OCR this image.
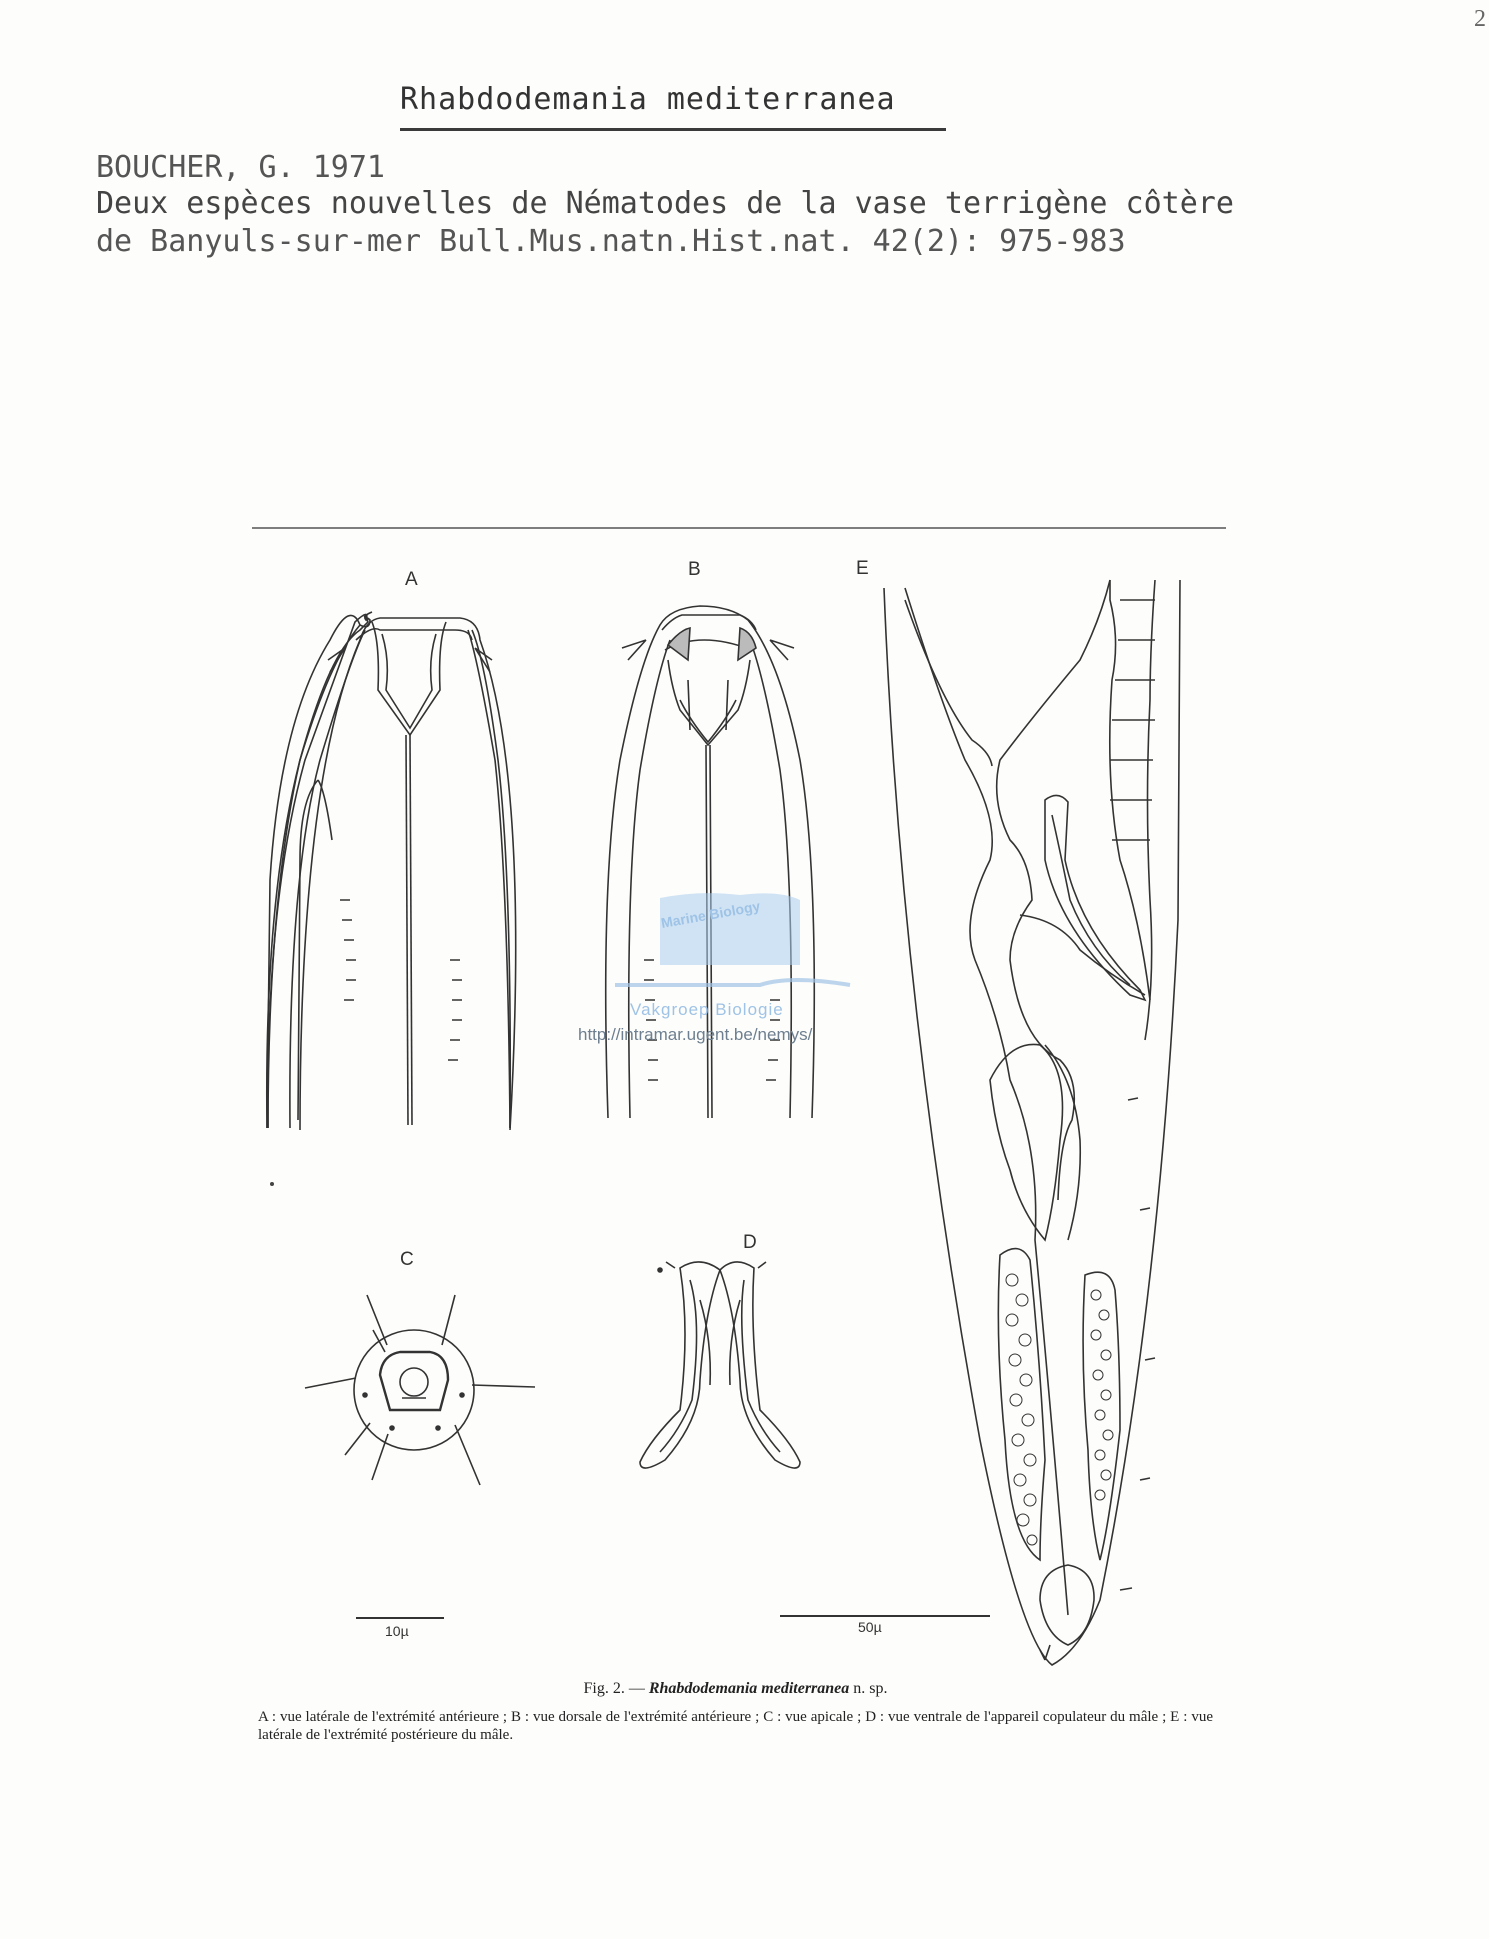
2
Rhabdodemania mediterranea
BOUCHER, G. 1971
Deux espèces nouvelles de Nématodes de la vase terrigène côtère
de Banyuls-sur-mer Bull.Mus.natn.Hist.nat. 42(2): 975-983
A	B
Marine Biology
Vakgroep Biologie
http://intramar.ugent.be/nemys/
C
D
E
10µ	50µ
Fig. 2. — Rhabdodemania mediterranea n. sp.
A : vue latérale de l'extrémité antérieure ; B : vue dorsale de l'extrémité antérieure ; C : vue apicale ; D : vue ventrale de l'appareil copulateur du mâle ; E : vue latérale de l'extrémité postérieure du mâle.
